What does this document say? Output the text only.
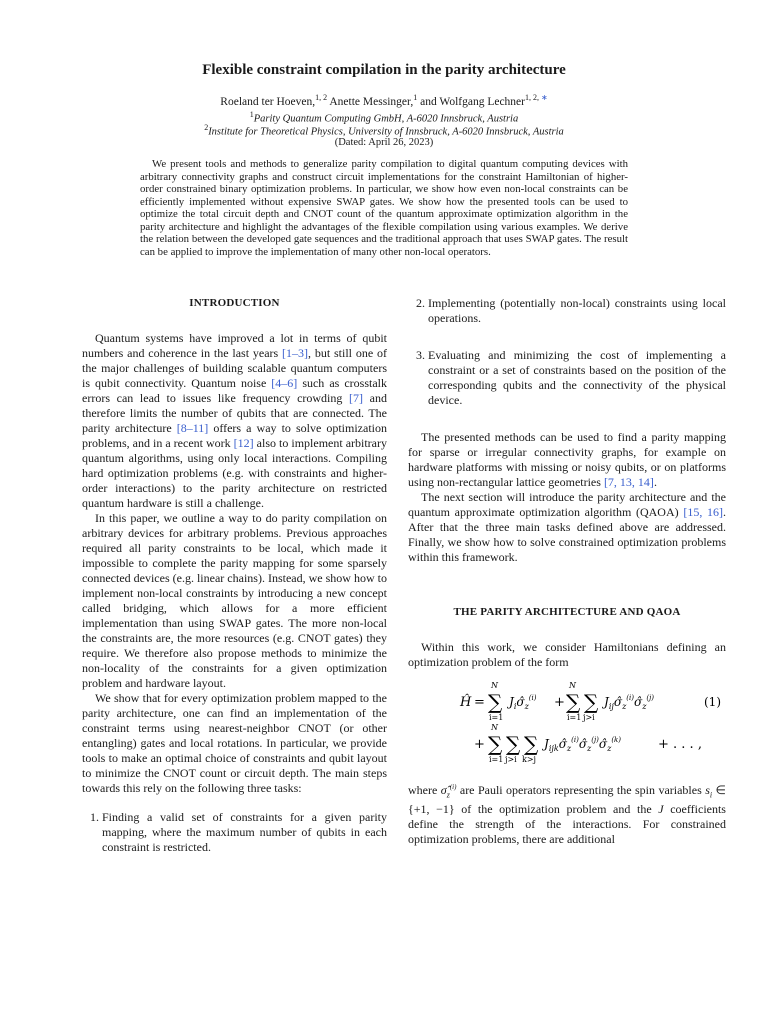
Flexible constraint compilation in the parity architecture
Roeland ter Hoeven,$^{1, 2}$ Anette Messinger,$^1$ and Wolfgang Lechner$^{1, 2, ∗}$
$^1$Parity Quantum Computing GmbH, A-6020 Innsbruck, Austria
$^2$Institute for Theoretical Physics, University of Innsbruck, A-6020 Innsbruck, Austria
(Dated: April 26, 2023)
We present tools and methods to generalize parity compilation to digital quantum computing devices with arbitrary connectivity graphs and construct circuit implementations for the constraint Hamiltonian of higher-order constrained binary optimization problems. In particular, we show how even non-local constraints can be efficiently implemented without expensive SWAP gates. We show how the presented tools can be used to optimize the total circuit depth and CNOT count of the quantum approximate optimization algorithm in the parity architecture and highlight the advantages of the flexible compilation using various examples. We derive the relation between the developed gate sequences and the traditional approach that uses SWAP gates. The result can be applied to improve the implementation of many other non-local operators.
INTRODUCTION

Quantum systems have improved a lot in terms of qubit numbers and coherence in the last years [1–3], but still one of the major challenges of building scalable quantum computers is qubit connectivity. Quantum noise [4–6] such as crosstalk errors can lead to issues like frequency crowding [7] and therefore limits the number of qubits that are connected. The parity architecture [8–11] offers a way to solve optimization problems, and in a recent work [12] also to implement arbitrary quantum algorithms, using only local interactions. Compiling hard optimization problems (e.g. with constraints and higher-order interactions) to the parity architecture on restricted quantum hardware is still a challenge.

In this paper, we outline a way to do parity compilation on arbitrary devices for arbitrary problems. Previous approaches required all parity constraints to be local, which made it impossible to complete the parity mapping for some sparsely connected devices (e.g. linear chains). Instead, we show how to implement non-local constraints by introducing a new concept called bridging, which allows for a more efficient implementation than using SWAP gates. The more non-local the constraints are, the more resources (e.g. CNOT gates) they require. We therefore also propose methods to minimize the non-locality of the constraints for a given optimization problem and hardware layout.

We show that for every optimization problem mapped to the parity architecture, one can find an implementation of the constraint terms using nearest-neighbor CNOT (or other entangling) gates and local rotations. In particular, we provide tools to make an optimal choice of constraints and qubit layout to minimize the CNOT count or circuit depth. The main steps towards this rely on the following three tasks:

1. Finding a valid set of constraints for a given parity mapping, where the maximum number of qubits in each constraint is restricted.
2. Implementing (potentially non-local) constraints using local operations.
3. Evaluating and minimizing the cost of implementing a constraint or a set of constraints based on the position of the corresponding qubits and the connectivity of the physical device.

The presented methods can be used to find a parity mapping for sparse or irregular connectivity graphs, for example on hardware platforms with missing or noisy qubits, or on platforms using non-rectangular lattice geometries [7, 13, 14].

The next section will introduce the parity architecture and the quantum approximate optimization algorithm (QAOA) [15, 16]. After that the three main tasks defined above are addressed. Finally, we show how to solve constrained optimization problems within this framework.

THE PARITY ARCHITECTURE AND QAOA

Within this work, we consider Hamiltonians defining an optimization problem of the form

Ĥ = ∑
N
i=1
$J_i\sigmâ_z^{(i)}$ + ∑
N
i=1
∑
j>i
$J_{ij}\sigmâ_z^{(i)}\sigmâ_z^{(j)}$	(1)
+ ∑
N
i=1
∑
j>i
∑
k>j
$J_{ijk}\sigmâ_z^{(i)}\sigmâ_z^{(j)}\sigmâ_z^{(k)}$	+ . . . ,

where $\sigmâ_z^{(i)}$ are Pauli operators representing the spin variables $s_i$ ∈ {+1, −1} of the optimization problem and the J coefficients define the strength of the interactions. For constrained optimization problems, there are additional
